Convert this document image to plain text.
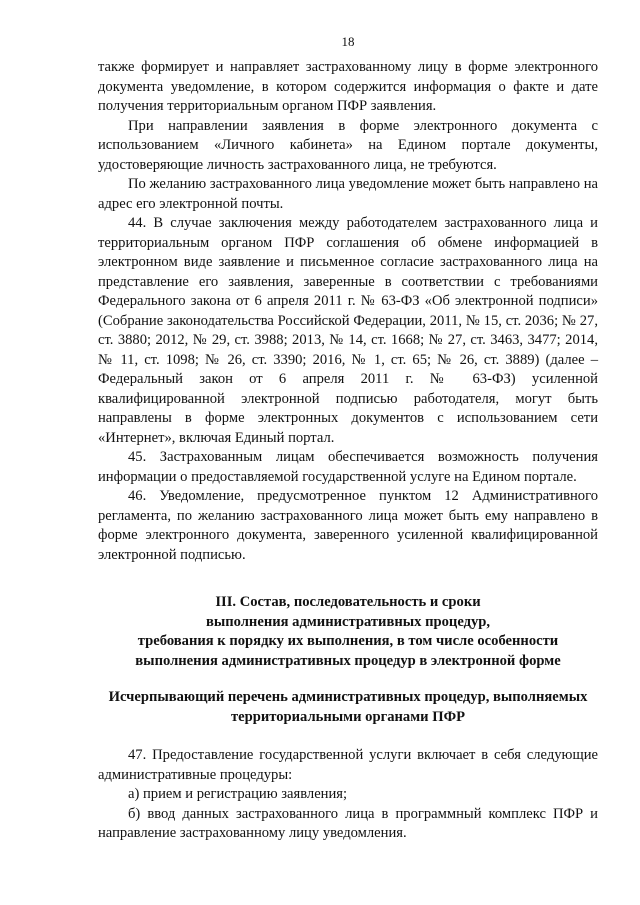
18

также формирует и направляет застрахованному лицу в форме электронного документа уведомление, в котором содержится информация о факте и дате получения территориальным органом ПФР заявления.

При направлении заявления в форме электронного документа с использованием «Личного кабинета» на Едином портале документы, удостоверяющие личность застрахованного лица, не требуются.

По желанию застрахованного лица уведомление может быть направлено на адрес его электронной почты.

44. В случае заключения между работодателем застрахованного лица и территориальным органом ПФР соглашения об обмене информацией в электронном виде заявление и письменное согласие застрахованного лица на представление его заявления, заверенные в соответствии с требованиями Федерального закона от 6 апреля 2011 г. № 63-ФЗ «Об электронной подписи» (Собрание законодательства Российской Федерации, 2011, № 15, ст. 2036; № 27, ст. 3880; 2012, № 29, ст. 3988; 2013, № 14, ст. 1668; № 27, ст. 3463, 3477; 2014, № 11, ст. 1098; № 26, ст. 3390; 2016, № 1, ст. 65; № 26, ст. 3889) (далее – Федеральный закон от 6 апреля 2011 г. № 63-ФЗ) усиленной квалифицированной электронной подписью работодателя, могут быть направлены в форме электронных документов с использованием сети «Интернет», включая Единый портал.

45. Застрахованным лицам обеспечивается возможность получения информации о предоставляемой государственной услуге на Едином портале.

46. Уведомление, предусмотренное пунктом 12 Административного регламента, по желанию застрахованного лица может быть ему направлено в форме электронного документа, заверенного усиленной квалифицированной электронной подписью.

III. Состав, последовательность и сроки
выполнения административных процедур,
требования к порядку их выполнения, в том числе особенности
выполнения административных процедур в электронной форме
Исчерпывающий перечень административных процедур, выполняемых
территориальными органами ПФР

47. Предоставление государственной услуги включает в себя следующие административные процедуры:

а) прием и регистрацию заявления;

б) ввод данных застрахованного лица в программный комплекс ПФР и направление застрахованному лицу уведомления.
